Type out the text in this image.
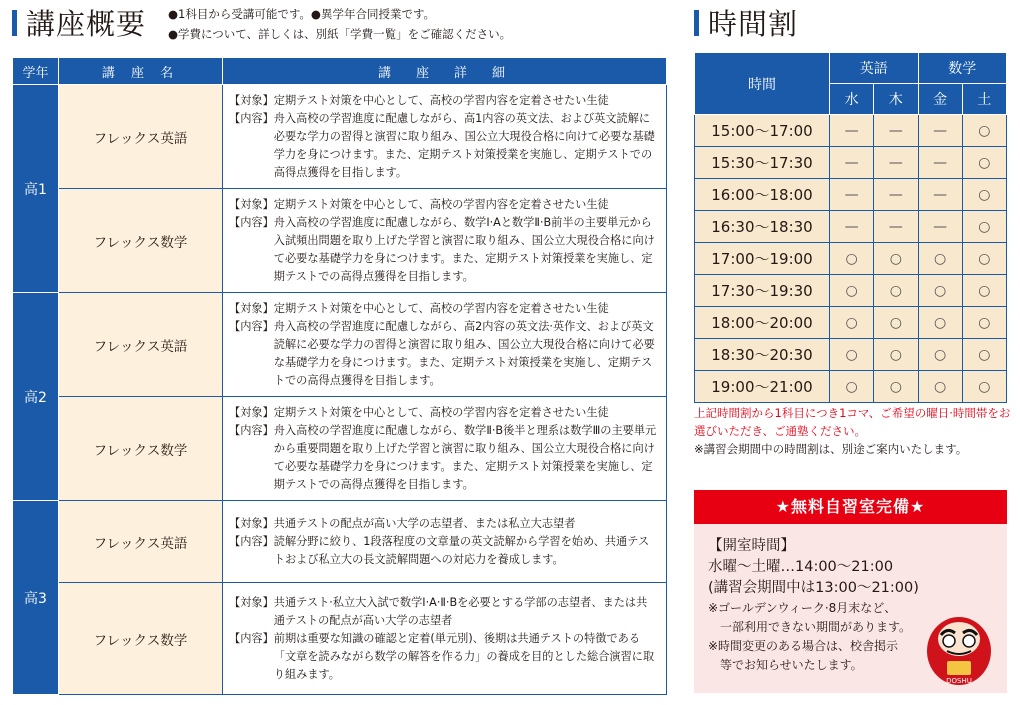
講座概要 ●1科目から受講可能です。●異学年合同授業です。
●学費について、詳しくは、別紙「学費一覧」をご確認ください。
学年	講 座 名	講　座　詳　細
高1	フレックス英語	【対象】 定期テスト対策を中心として、高校の学習内容を定着させたい生徒
【内容】 舟入高校の学習進度に配慮しながら、高1内容の英文法、および英文読解に必要な学力の習得と演習に取り組み、国公立大現役合格に向けて必要な基礎学力を身につけます。また、定期テスト対策授業を実施し、定期テストでの高得点獲得を目指します。

	フレックス数学	【対象】 定期テスト対策を中心として、高校の学習内容を定着させたい生徒
【内容】 舟入高校の学習進度に配慮しながら、数学Ⅰ·Aと数学Ⅱ·B前半の主要単元から入試頻出問題を取り上げた学習と演習に取り組み、国公立大現役合格に向けて必要な基礎学力を身につけます。また、定期テスト対策授業を実施し、定期テストでの高得点獲得を目指します。

高2	フレックス英語	【対象】 定期テスト対策を中心として、高校の学習内容を定着させたい生徒
【内容】 舟入高校の学習進度に配慮しながら、高2内容の英文法·英作文、および英文読解に必要な学力の習得と演習に取り組み、国公立大現役合格に向けて必要な基礎学力を身につけます。また、定期テスト対策授業を実施し、定期テストでの高得点獲得を目指します。

	フレックス数学	【対象】 定期テスト対策を中心として、高校の学習内容を定着させたい生徒
【内容】 舟入高校の学習進度に配慮しながら、数学Ⅱ·B後半と理系は数学Ⅲの主要単元から重要問題を取り上げた学習と演習に取り組み、国公立大現役合格に向けて必要な基礎学力を身につけます。また、定期テスト対策授業を実施し、定期テストでの高得点獲得を目指します。

高3	フレックス英語	【対象】 共通テストの配点が高い大学の志望者、または私立大志望者
【内容】 読解分野に絞り、1段落程度の文章量の英文読解から学習を始め、共通テストおよび私立大の長文読解問題への対応力を養成します。

	フレックス数学	【対象】 共通テスト·私立大入試で数学Ⅰ·A·Ⅱ·Bを必要とする学部の志望者、または共通テストの配点が高い大学の志望者
【内容】 前期は重要な知識の確認と定着(単元別)、後期は共通テストの特徴である「文章を読みながら数学の解答を作る力」の養成を目的とした総合演習に取り組みます。
時間割
時間	英語		数学	
	水	木	金	土
15:00〜17:00	—	—	—	○
15:30〜17:30	—	—	—	○
16:00〜18:00	—	—	—	○
16:30〜18:30	—	—	—	○
17:00〜19:00	○	○	○	○
17:30〜19:30	○	○	○	○
18:00〜20:00	○	○	○	○
18:30〜20:30	○	○	○	○
19:00〜21:00	○	○	○	○
上記時間割から1科目につき1コマ、ご希望の曜日·時間帯をお選びいただき、ご通塾ください。
※講習会期間中の時間割は、別途ご案内いたします。
★無料自習室完備★
【開室時間】
水曜〜土曜…14:00〜21:00
(講習会期間中は13:00〜21:00)
※ゴールデンウィーク·8月末など、
一部利用できない期間があります。
※時間変更のある場合は、校舎掲示
等でお知らせいたします。
DOSHU
